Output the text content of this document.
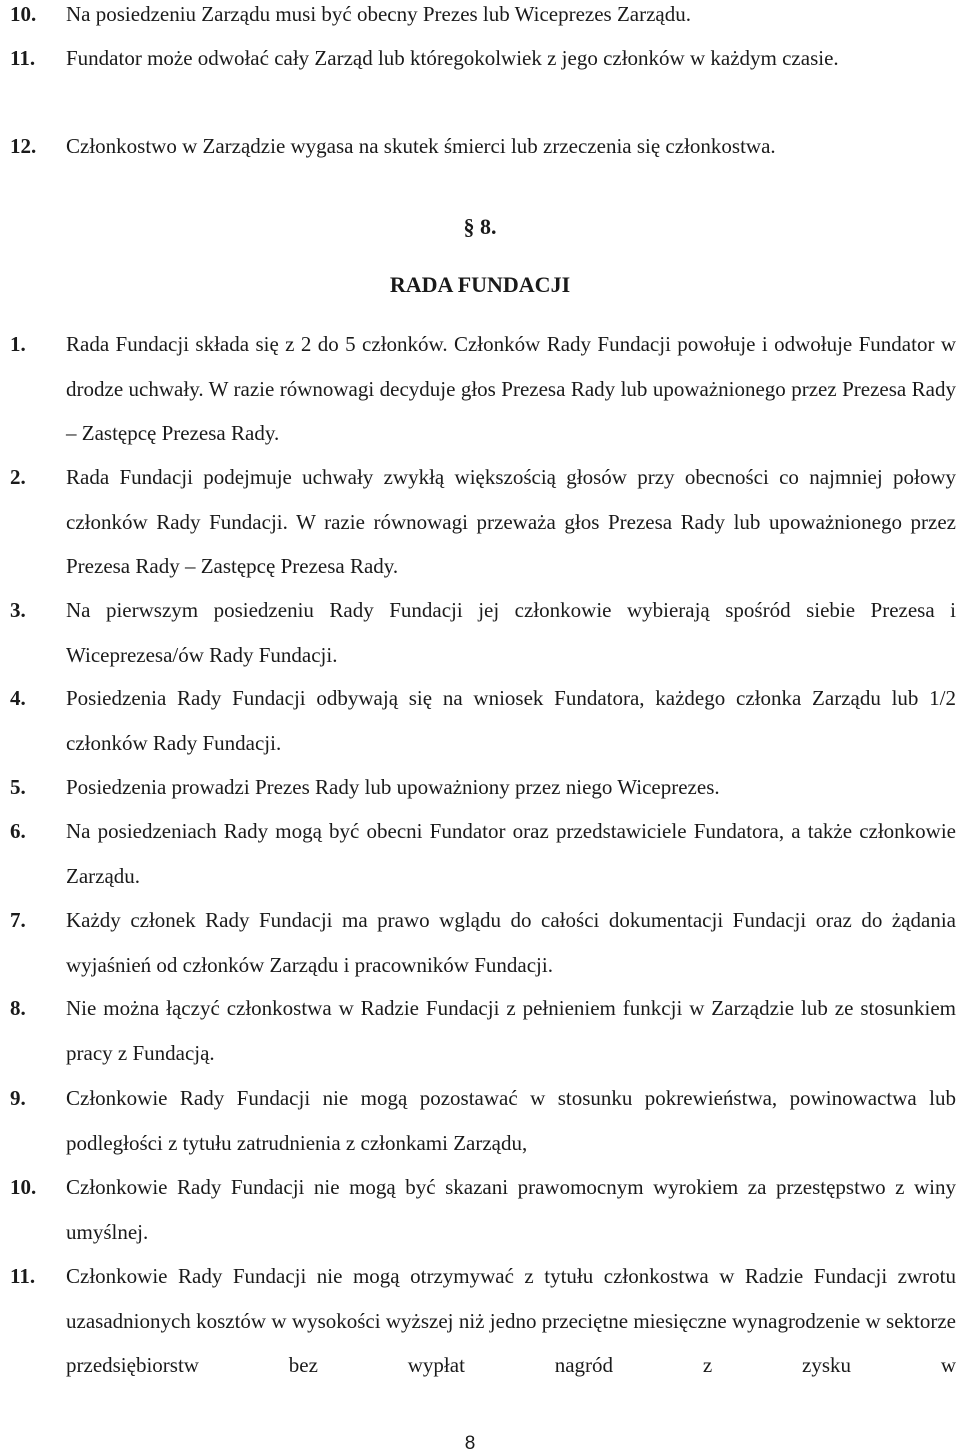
10. Na posiedzeniu Zarządu musi być obecny Prezes lub Wiceprezes Zarządu.
11. Fundator może odwołać cały Zarząd lub któregokolwiek z jego członków w każdym czasie.
12. Członkostwo w Zarządzie wygasa na skutek śmierci lub zrzeczenia się członkostwa.
§ 8.
RADA FUNDACJI
1. Rada Fundacji składa się z 2 do 5 członków. Członków Rady Fundacji powołuje i odwołuje Fundator w drodze uchwały. W razie równowagi decyduje głos Prezesa Rady lub upoważnionego przez Prezesa Rady – Zastępcę Prezesa Rady.
2. Rada Fundacji podejmuje uchwały zwykłą większością głosów przy obecności co najmniej połowy członków Rady Fundacji. W razie równowagi przeważa głos Prezesa Rady lub upoważnionego przez Prezesa Rady – Zastępcę Prezesa Rady.
3. Na pierwszym posiedzeniu Rady Fundacji jej członkowie wybierają spośród siebie Prezesa i Wiceprezesa/ów Rady Fundacji.
4. Posiedzenia Rady Fundacji odbywają się na wniosek Fundatora, każdego członka Zarządu lub 1/2 członków Rady Fundacji.
5. Posiedzenia prowadzi Prezes Rady lub upoważniony przez niego Wiceprezes.
6. Na posiedzeniach Rady mogą być obecni Fundator oraz przedstawiciele Fundatora, a także członkowie Zarządu.
7. Każdy członek Rady Fundacji ma prawo wglądu do całości dokumentacji Fundacji oraz do żądania wyjaśnień od członków Zarządu i pracowników Fundacji.
8. Nie można łączyć członkostwa w Radzie Fundacji z pełnieniem funkcji w Zarządzie lub ze stosunkiem pracy z Fundacją.
9. Członkowie Rady Fundacji nie mogą pozostawać w stosunku pokrewieństwa, powinowactwa lub podległości z tytułu zatrudnienia z członkami Zarządu,
10. Członkowie Rady Fundacji nie mogą być skazani prawomocnym wyrokiem za przestępstwo z winy umyślnej.
11. Członkowie Rady Fundacji nie mogą otrzymywać z tytułu członkostwa w Radzie Fundacji zwrotu uzasadnionych kosztów w wysokości wyższej niż jedno przeciętne miesięczne wynagrodzenie w sektorze przedsiębiorstw bez wypłat nagród z zysku w
8
